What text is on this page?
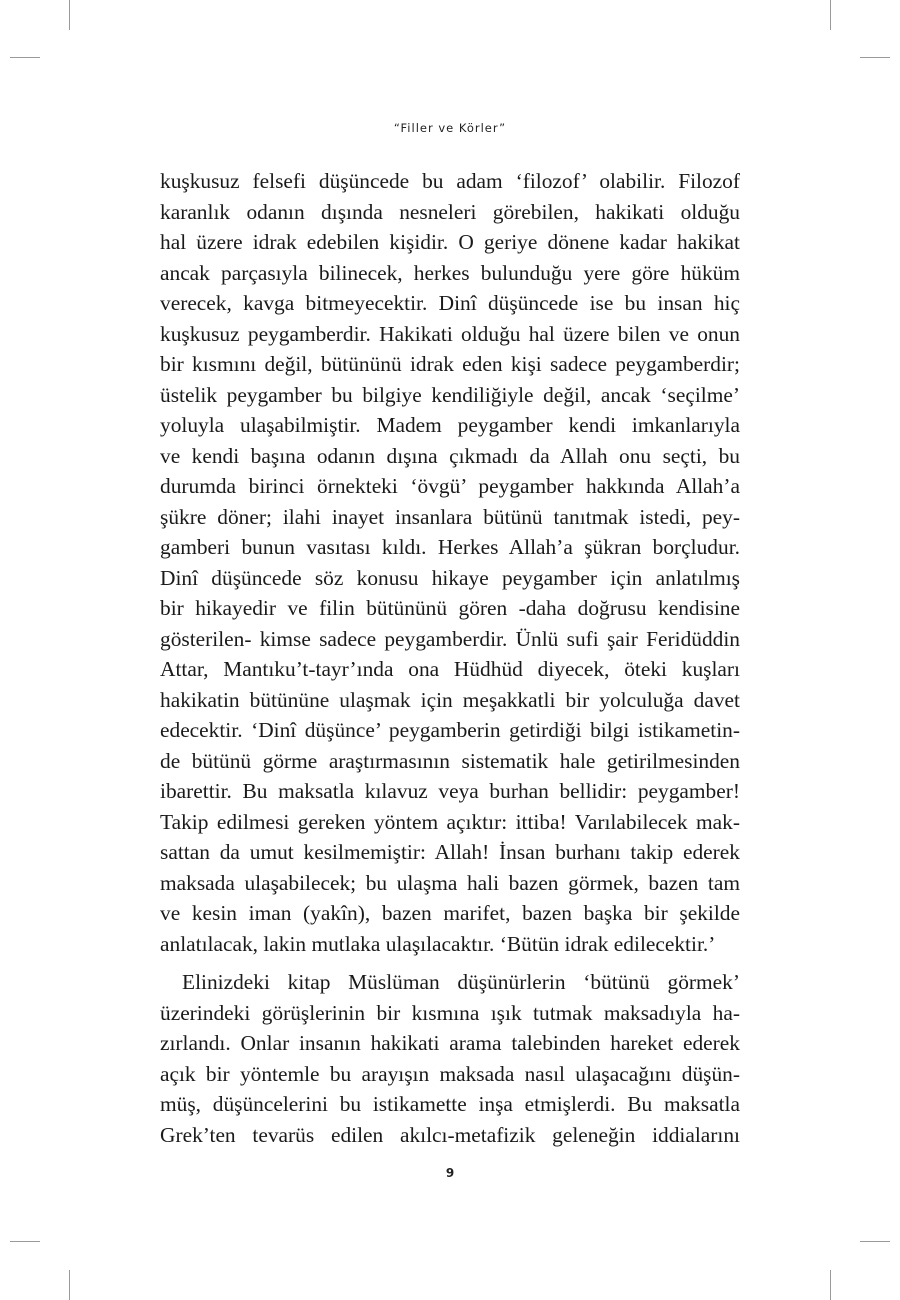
“Filler ve Körler”
kuşkusuz felsefi düşüncede bu adam ‘filozof’ olabilir. Filozof
karanlık odanın dışında nesneleri görebilen, hakikati olduğu
hal üzere idrak edebilen kişidir. O geriye dönene kadar hakikat
ancak parçasıyla bilinecek, herkes bulunduğu yere göre hüküm
verecek, kavga bitmeyecektir. Dinî düşüncede ise bu insan hiç
kuşkusuz peygamberdir. Hakikati olduğu hal üzere bilen ve onun
bir kısmını değil, bütününü idrak eden kişi sadece peygamberdir;
üstelik peygamber bu bilgiye kendiliğiyle değil, ancak ‘seçilme’
yoluyla ulaşabilmiştir. Madem peygamber kendi imkanlarıyla
ve kendi başına odanın dışına çıkmadı da Allah onu seçti, bu
durumda birinci örnekteki ‘övgü’ peygamber hakkında Allah’a
şükre döner; ilahi inayet insanlara bütünü tanıtmak istedi, pey-
gamberi bunun vasıtası kıldı. Herkes Allah’a şükran borçludur.
Dinî düşüncede söz konusu hikaye peygamber için anlatılmış
bir hikayedir ve filin bütününü gören -daha doğrusu kendisine
gösterilen- kimse sadece peygamberdir. Ünlü sufi şair Feridüddin
Attar, Mantıku’t-tayr’ında ona Hüdhüd diyecek, öteki kuşları
hakikatin bütününe ulaşmak için meşakkatli bir yolculuğa davet
edecektir. ‘Dinî düşünce’ peygamberin getirdiği bilgi istikametin-
de bütünü görme araştırmasının sistematik hale getirilmesinden
ibarettir. Bu maksatla kılavuz veya burhan bellidir: peygamber!
Takip edilmesi gereken yöntem açıktır: ittiba! Varılabilecek mak-
sattan da umut kesilmemiştir: Allah! İnsan burhanı takip ederek
maksada ulaşabilecek; bu ulaşma hali bazen görmek, bazen tam
ve kesin iman (yakîn), bazen marifet, bazen başka bir şekilde
anlatılacak, lakin mutlaka ulaşılacaktır. ‘Bütün idrak edilecektir.’
Elinizdeki kitap Müslüman düşünürlerin ‘bütünü görmek’
üzerindeki görüşlerinin bir kısmına ışık tutmak maksadıyla ha-
zırlandı. Onlar insanın hakikati arama talebinden hareket ederek
açık bir yöntemle bu arayışın maksada nasıl ulaşacağını düşün-
müş, düşüncelerini bu istikamette inşa etmişlerdi. Bu maksatla
Grek’ten tevarüs edilen akılcı-metafizik geleneğin iddialarını
9
